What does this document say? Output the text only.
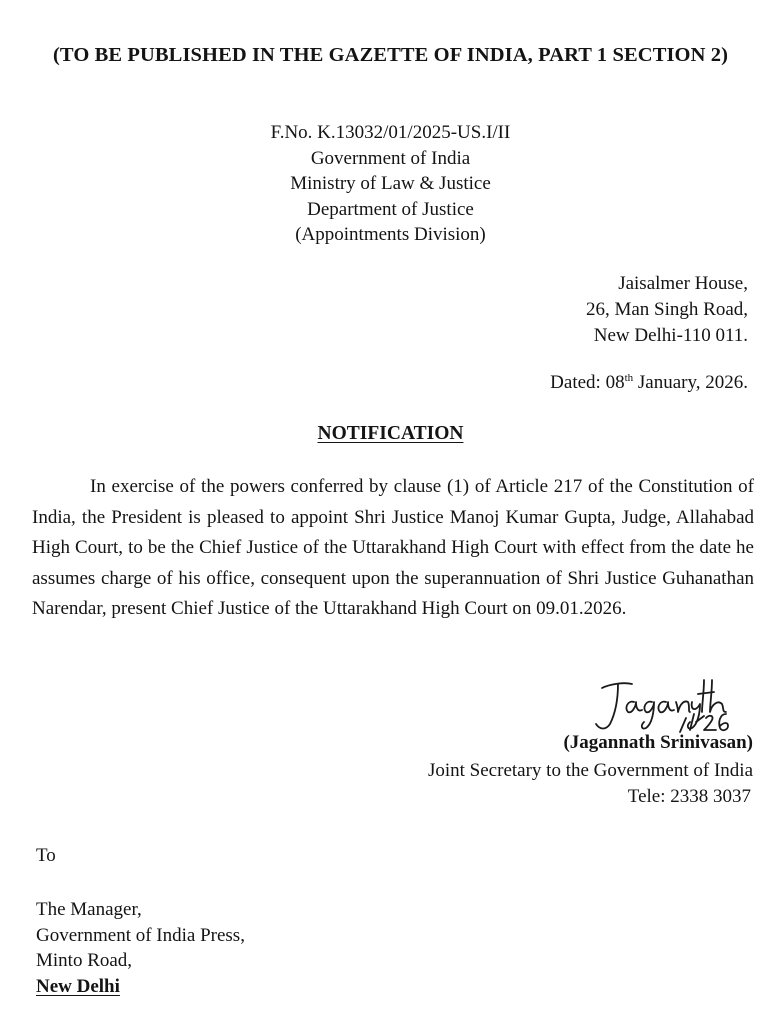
(TO BE PUBLISHED IN THE GAZETTE OF INDIA, PART 1 SECTION 2)
F.No. K.13032/01/2025-US.I/II
Government of India
Ministry of Law & Justice
Department of Justice
(Appointments Division)
Jaisalmer House,
26, Man Singh Road,
New Delhi-110 011.
Dated: 08th January, 2026.
NOTIFICATION
In exercise of the powers conferred by clause (1) of Article 217 of the Constitution of India, the President is pleased to appoint Shri Justice Manoj Kumar Gupta, Judge, Allahabad High Court, to be the Chief Justice of the Uttarakhand High Court with effect from the date he assumes charge of his office, consequent upon the superannuation of Shri Justice Guhanathan Narendar, present Chief Justice of the Uttarakhand High Court on 09.01.2026.
(Jagannath Srinivasan)
Joint Secretary to the Government of India
Tele: 2338 3037
To
The Manager,
Government of India Press,
Minto Road,
New Delhi
